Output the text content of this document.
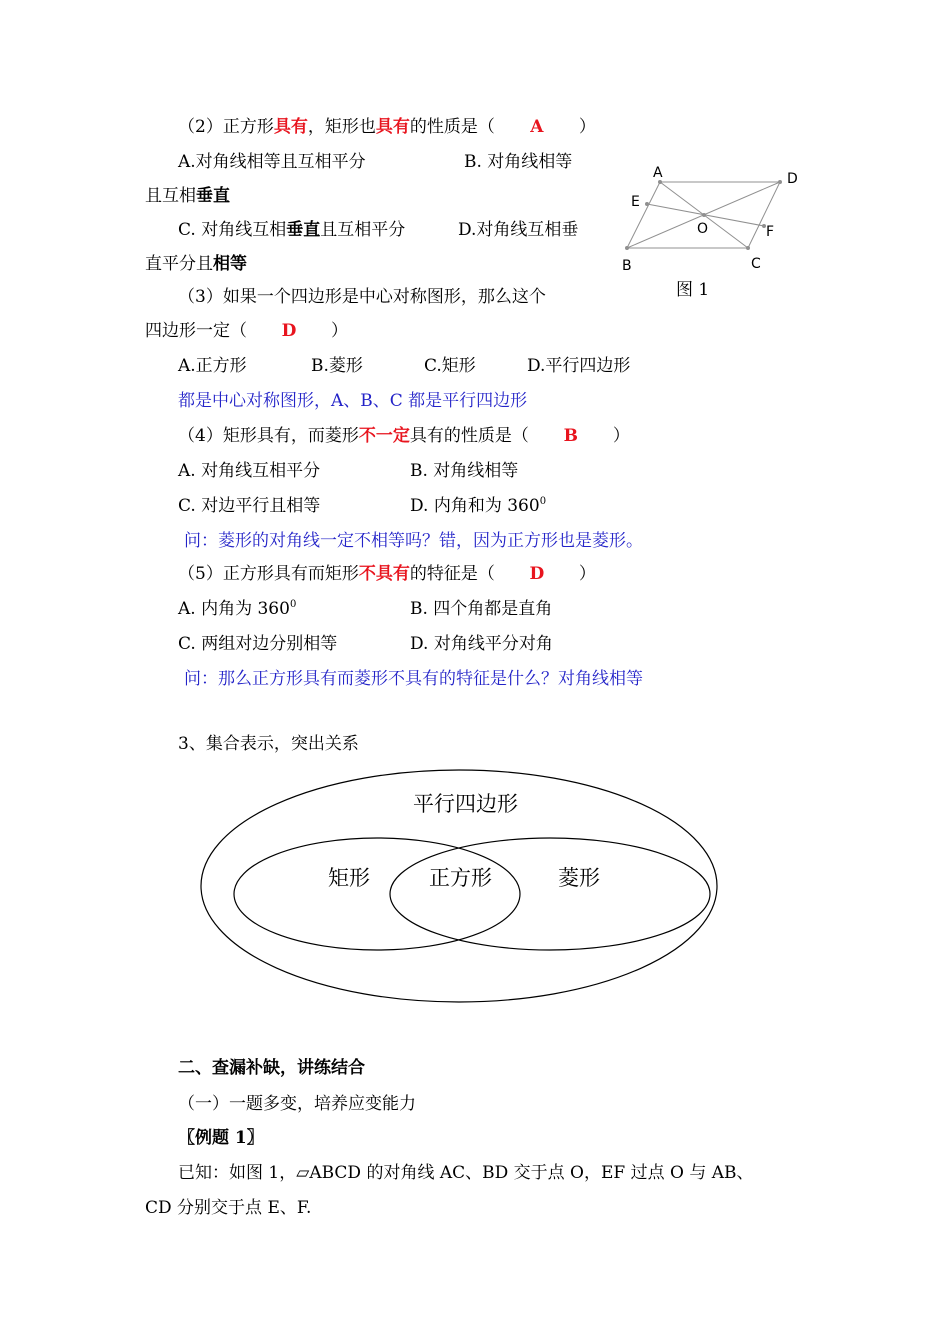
（2）正方形具有，矩形也具有的性质是（ A ）
A.对角线相等且互相平分	B. 对角线相等
且互相垂直
C. 对角线互相垂直且互相平分	D.对角线互相垂
直平分且相等
A	D
E
O	F
B	C
图 1
（3）如果一个四边形是中心对称图形，那么这个
四边形一定（ D ）
A.正方形	B.菱形	C.矩形	D.平行四边形
都是中心对称图形，A、B、C 都是平行四边形
（4）矩形具有，而菱形不一定具有的性质是（ B ）
A. 对角线互相平分	B. 对角线相等
C. 对边平行且相等	D. 内角和为 $360^0$
问：菱形的对角线一定不相等吗？错，因为正方形也是菱形。
（5）正方形具有而矩形不具有的特征是（ D ）
A. 内角为 $360^0$	B. 四个角都是直角
C. 两组对边分别相等	D. 对角线平分对角
问：那么正方形具有而菱形不具有的特征是什么？对角线相等
3、集合表示，突出关系
平行四边形
矩形	正方形	菱形
二、查漏补缺，讲练结合
（一）一题多变，培养应变能力
〖例题 1〗
已知：如图 1，▱ABCD 的对角线 AC、BD 交于点 O，EF 过点 O 与 AB、
CD 分别交于点 E、F.
